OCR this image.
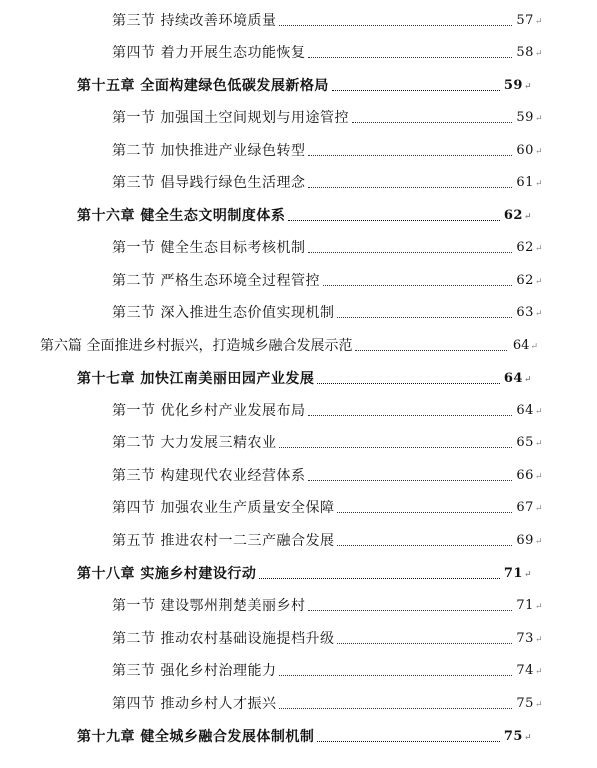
第三节 持续改善环境质量	57 ↵
第四节 着力开展生态功能恢复	58 ↵
第十五章 全面构建绿色低碳发展新格局	59 ↵
第一节 加强国土空间规划与用途管控	59 ↵
第二节 加快推进产业绿色转型	60 ↵
第三节 倡导践行绿色生活理念	61 ↵
第十六章 健全生态文明制度体系	62 ↵
第一节 健全生态目标考核机制	62 ↵
第二节 严格生态环境全过程管控	62 ↵
第三节 深入推进生态价值实现机制	63 ↵
第六篇 全面推进乡村振兴，打造城乡融合发展示范	64 ↵
第十七章 加快江南美丽田园产业发展	64 ↵
第一节 优化乡村产业发展布局	64 ↵
第二节 大力发展三精农业	65 ↵
第三节 构建现代农业经营体系	66 ↵
第四节 加强农业生产质量安全保障	67 ↵
第五节 推进农村一二三产融合发展	69 ↵
第十八章 实施乡村建设行动	71 ↵
第一节 建设鄂州荆楚美丽乡村	71 ↵
第二节 推动农村基础设施提档升级	73 ↵
第三节 强化乡村治理能力	74 ↵
第四节 推动乡村人才振兴	75 ↵
第十九章 健全城乡融合发展体制机制	75 ↵
